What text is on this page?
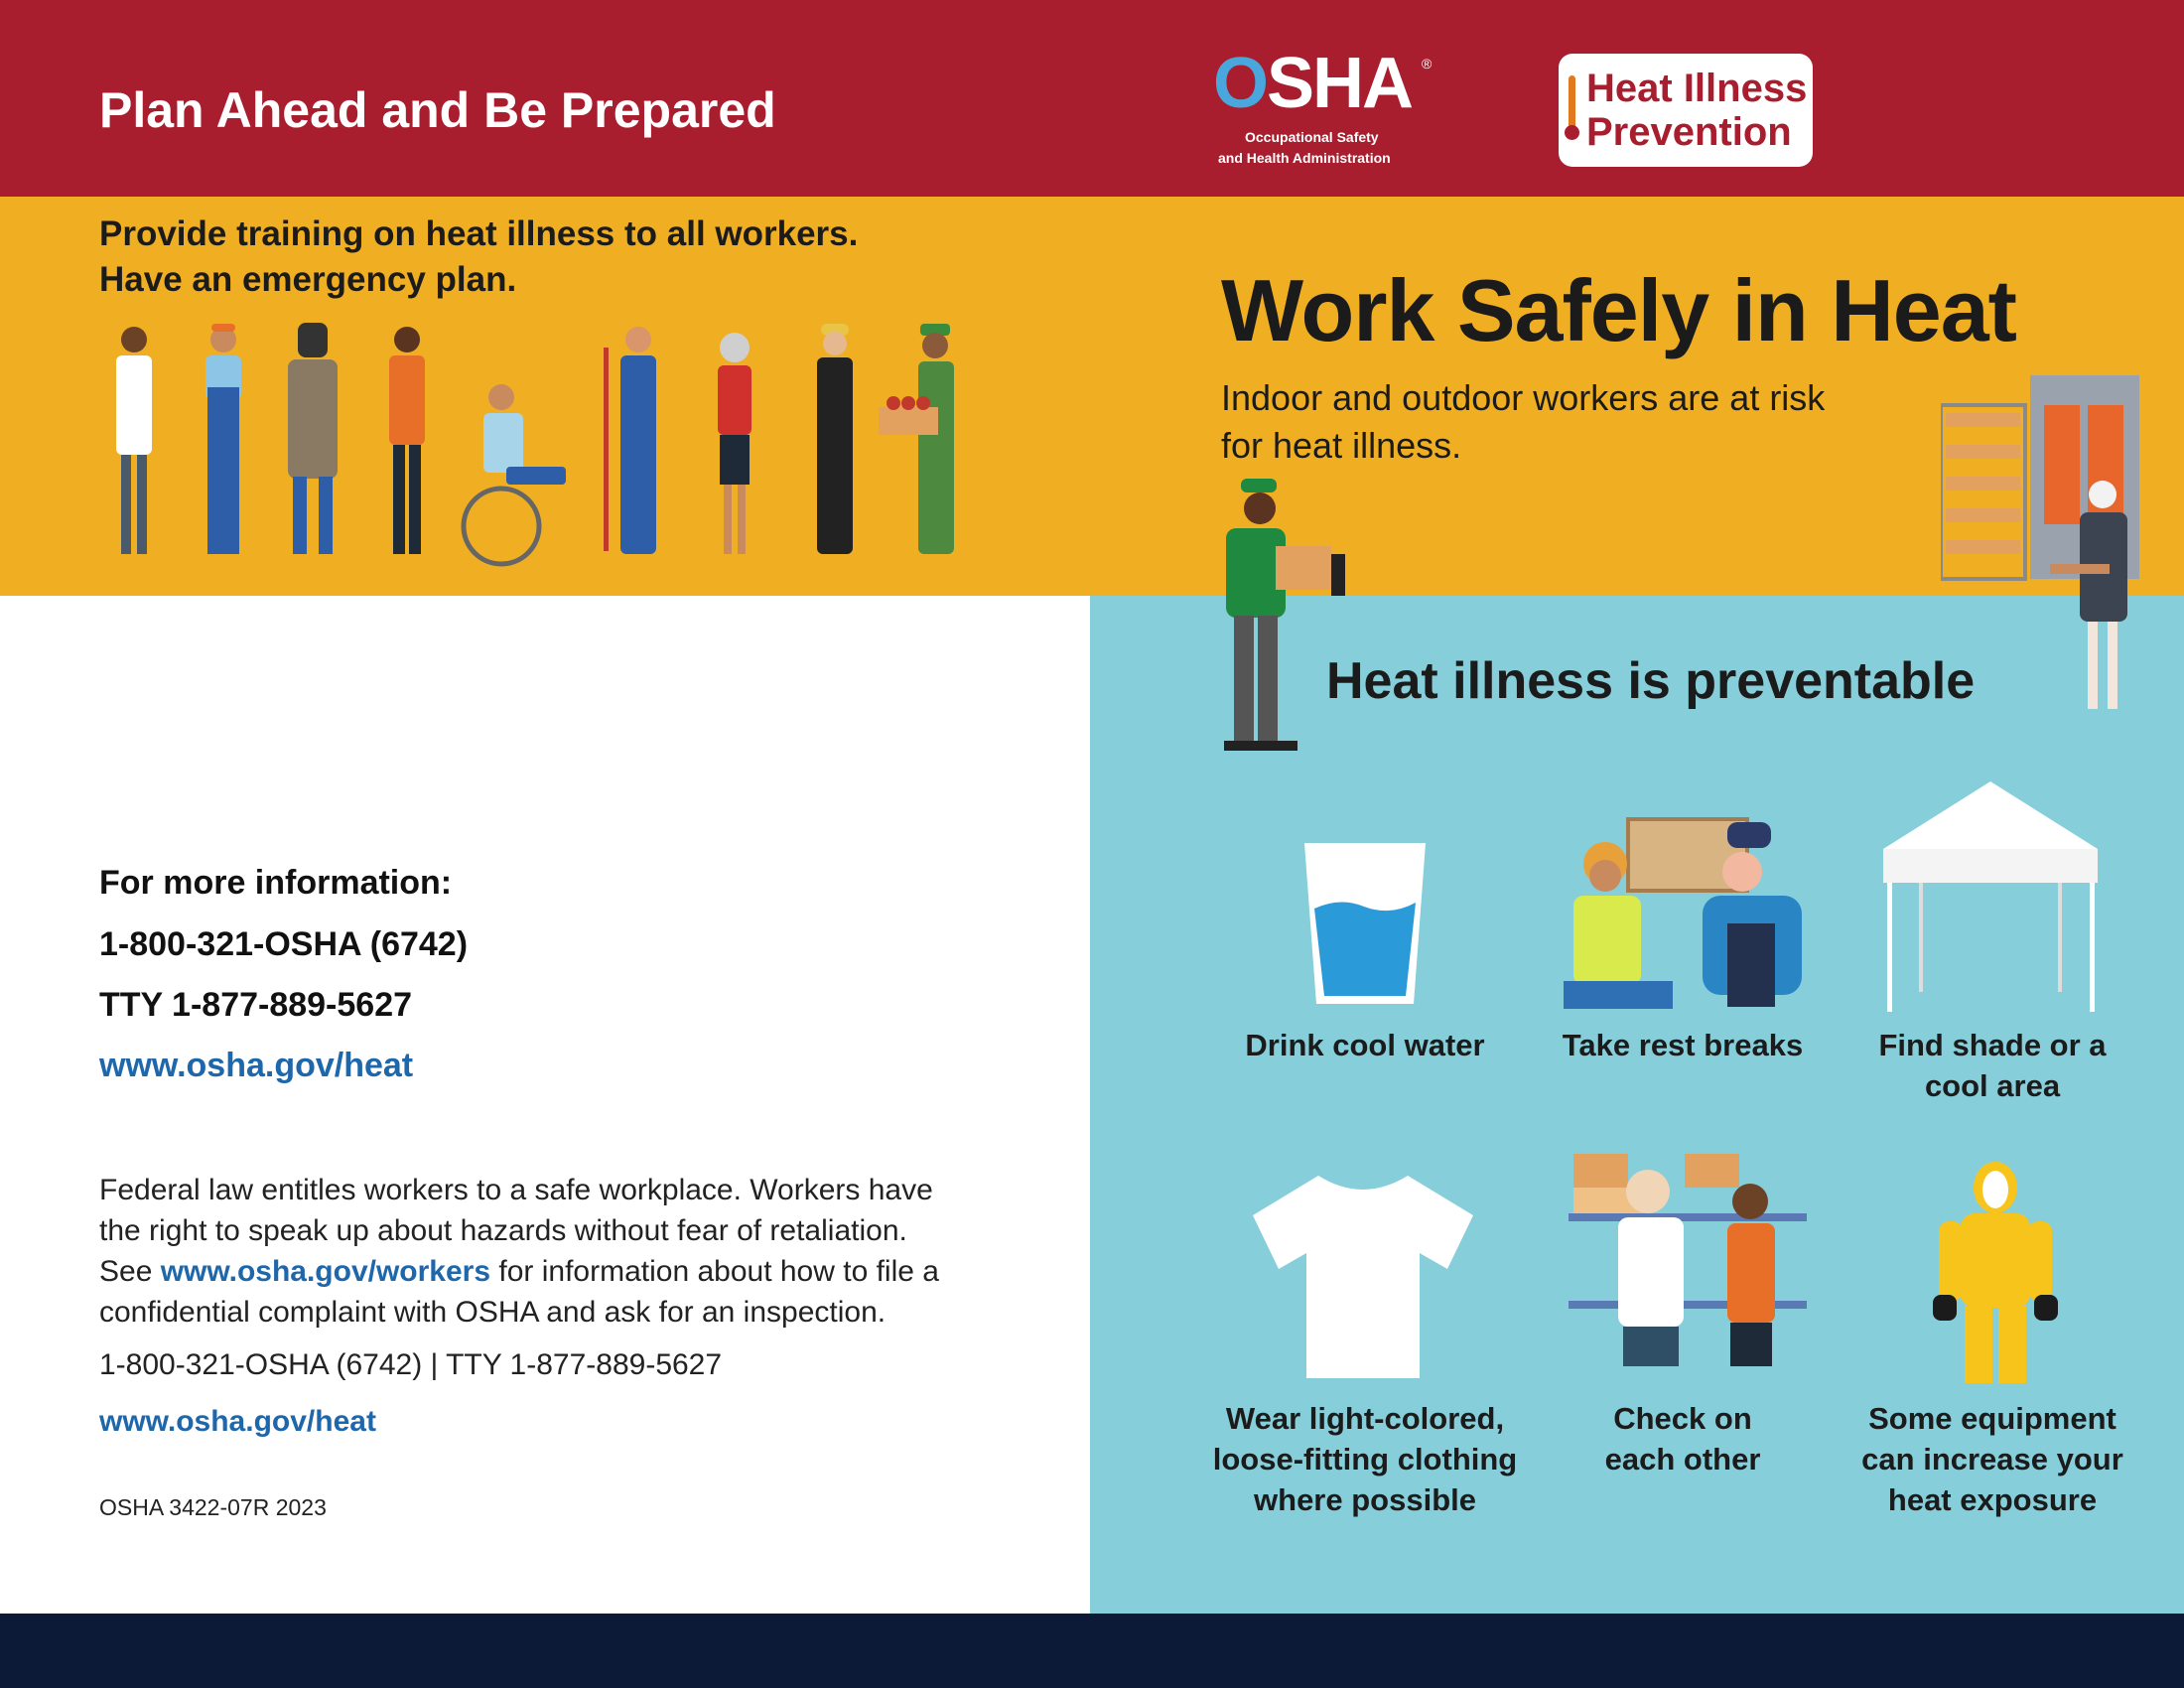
Plan Ahead and Be Prepared	OSHA ®
Occupational Safety
and Health Administration
Heat Illness
Prevention
Provide training on heat illness to all workers.
Have an emergency plan.	Work Safely in Heat
Indoor and outdoor workers are at risk
for heat illness.
Heat illness is preventable
Drink cool water	Take rest breaks	Find shade or a
cool area
Wear light-colored,
loose-fitting clothing
where possible
Check on
each other
Some equipment
can increase your
heat exposure
For more information:
1-800-321-OSHA (6742)
TTY 1-877-889-5627
www.osha.gov/heat
Federal law entitles workers to a safe workplace. Workers have
the right to speak up about hazards without fear of retaliation.
See www.osha.gov/workers for information about how to file a
confidential complaint with OSHA and ask for an inspection.
1-800-321-OSHA (6742) | TTY 1-877-889-5627
www.osha.gov/heat
OSHA 3422-07R 2023
